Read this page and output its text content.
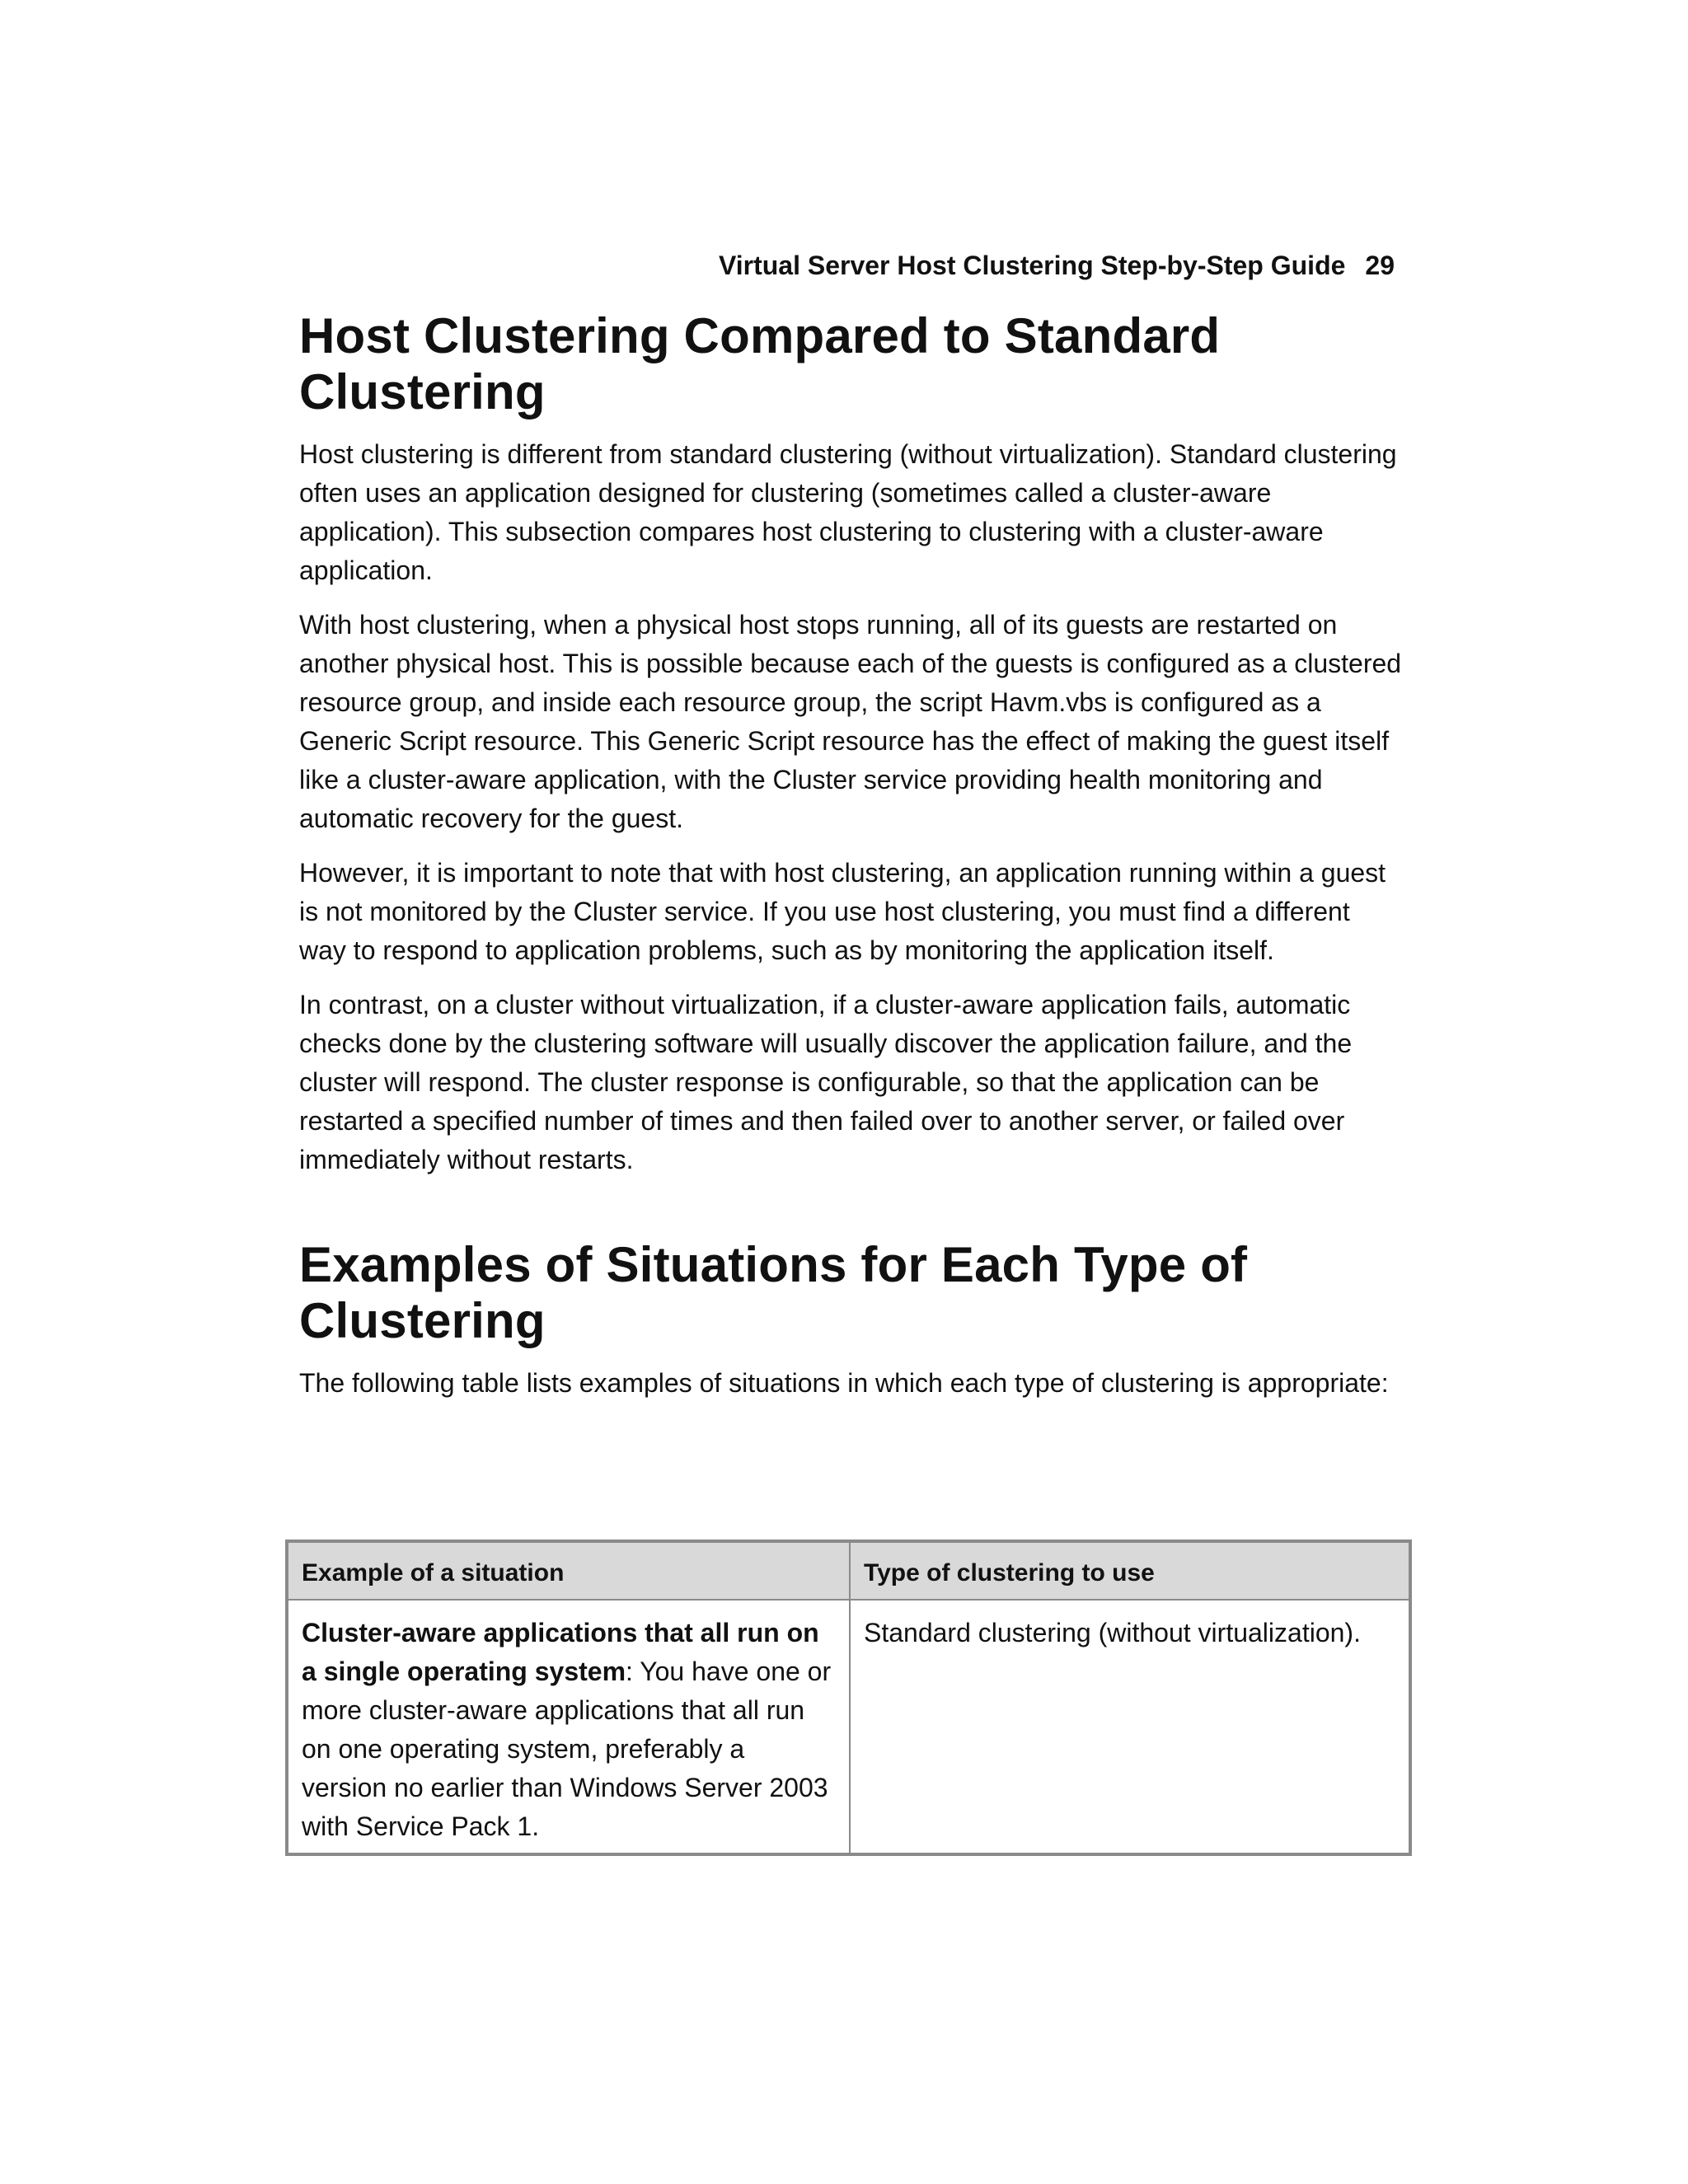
Virtual Server Host Clustering Step-by-Step Guide 29
Host Clustering Compared to Standard
Clustering

Host clustering is different from standard clustering (without virtualization). Standard clustering often uses an application designed for clustering (sometimes called a cluster-aware application). This subsection compares host clustering to clustering with a cluster-aware application.

With host clustering, when a physical host stops running, all of its guests are restarted on another physical host. This is possible because each of the guests is configured as a clustered resource group, and inside each resource group, the script Havm.vbs is configured as a Generic Script resource. This Generic Script resource has the effect of making the guest itself like a cluster-aware application, with the Cluster service providing health monitoring and automatic recovery for the guest.

However, it is important to note that with host clustering, an application running within a guest is not monitored by the Cluster service. If you use host clustering, you must find a different way to respond to application problems, such as by monitoring the application itself.

In contrast, on a cluster without virtualization, if a cluster-aware application fails, automatic checks done by the clustering software will usually discover the application failure, and the cluster will respond. The cluster response is configurable, so that the application can be restarted a specified number of times and then failed over to another server, or failed over immediately without restarts.

Examples of Situations for Each Type of
Clustering

The following table lists examples of situations in which each type of clustering is appropriate:

Example of a situation	Type of clustering to use
Cluster-aware applications that all run on a single operating system: You have one or more cluster-aware applications that all run on one operating system, preferably a version no earlier than Windows Server 2003 with Service Pack 1.	Standard clustering (without virtualization).
